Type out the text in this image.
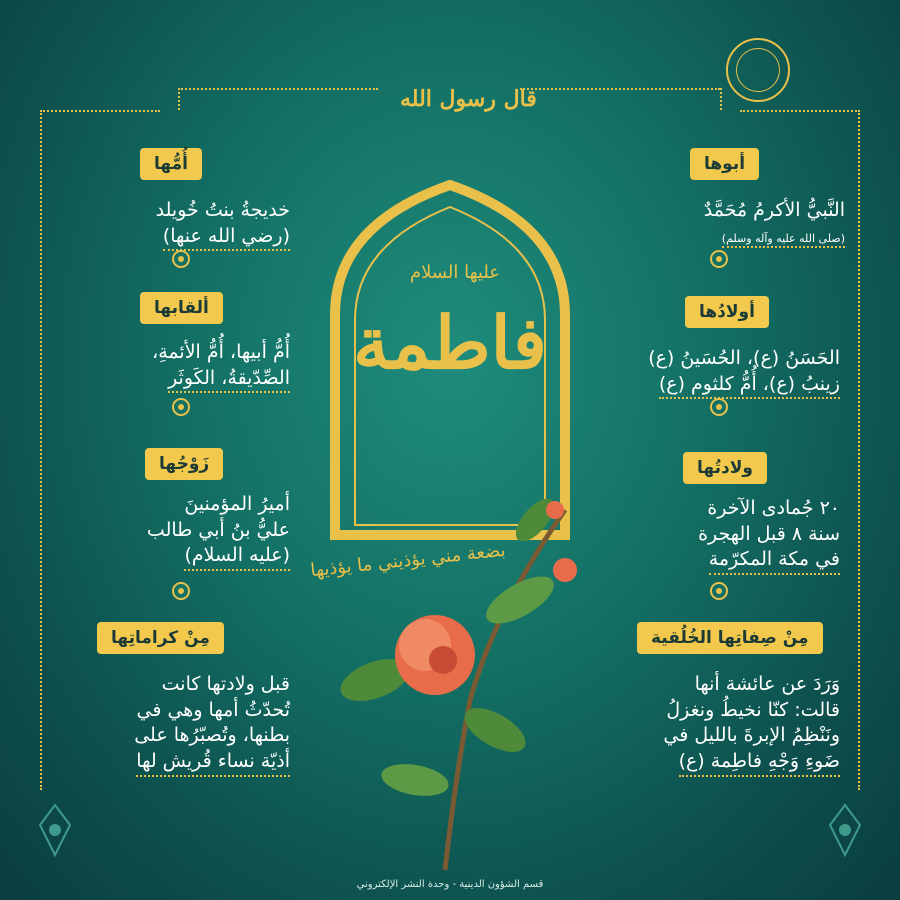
قال رسول الله
أُمُّها
خديجةُ بنتُ خُويلد
(رضي الله عنها)
ألقابها
أُمُّ أبيها، أُمُّ الأئمةِ،
الصِّدّيقةُ، الكَوثَر
زَوْجُها
أميرُ المؤمنينَ
عليُّ بنُ أبي طالب
(عليه السلام)
مِنْ كراماتِها
قبل ولادتها كانت
تُحدّثُ أمها وهي في
بطنها، وتُصبّرُها على
أذيّة نساء قُريش لها
أبوها
النَّبيُّ الأكرمُ مُحَمَّدٌ
(صلى الله عليه وآله وسلم)
أولادُها
الحَسَنُ (ع)، الحُسَينُ (ع)
زينبُ (ع)، أُمُّ كلثوم (ع)
ولادتُها
٢٠ جُمادى الآخرة
سنة ٨ قبل الهجرة
في مكة المكرّمة
مِنْ صِفاتِها الخُلُقية
وَرَدَ عن عائشة أنها
قالت: كنّا نخيطُ ونغزلُ
ونَنْظِمُ الإبرةَ بالليل في
ضَوءِ وَجْهِ فاطِمة (ع)
فاطمة
عليها السلام
بضعة مني يؤذيني ما يؤذيها
قسم الشؤون الدينية - وحدة النشر الإلكتروني
